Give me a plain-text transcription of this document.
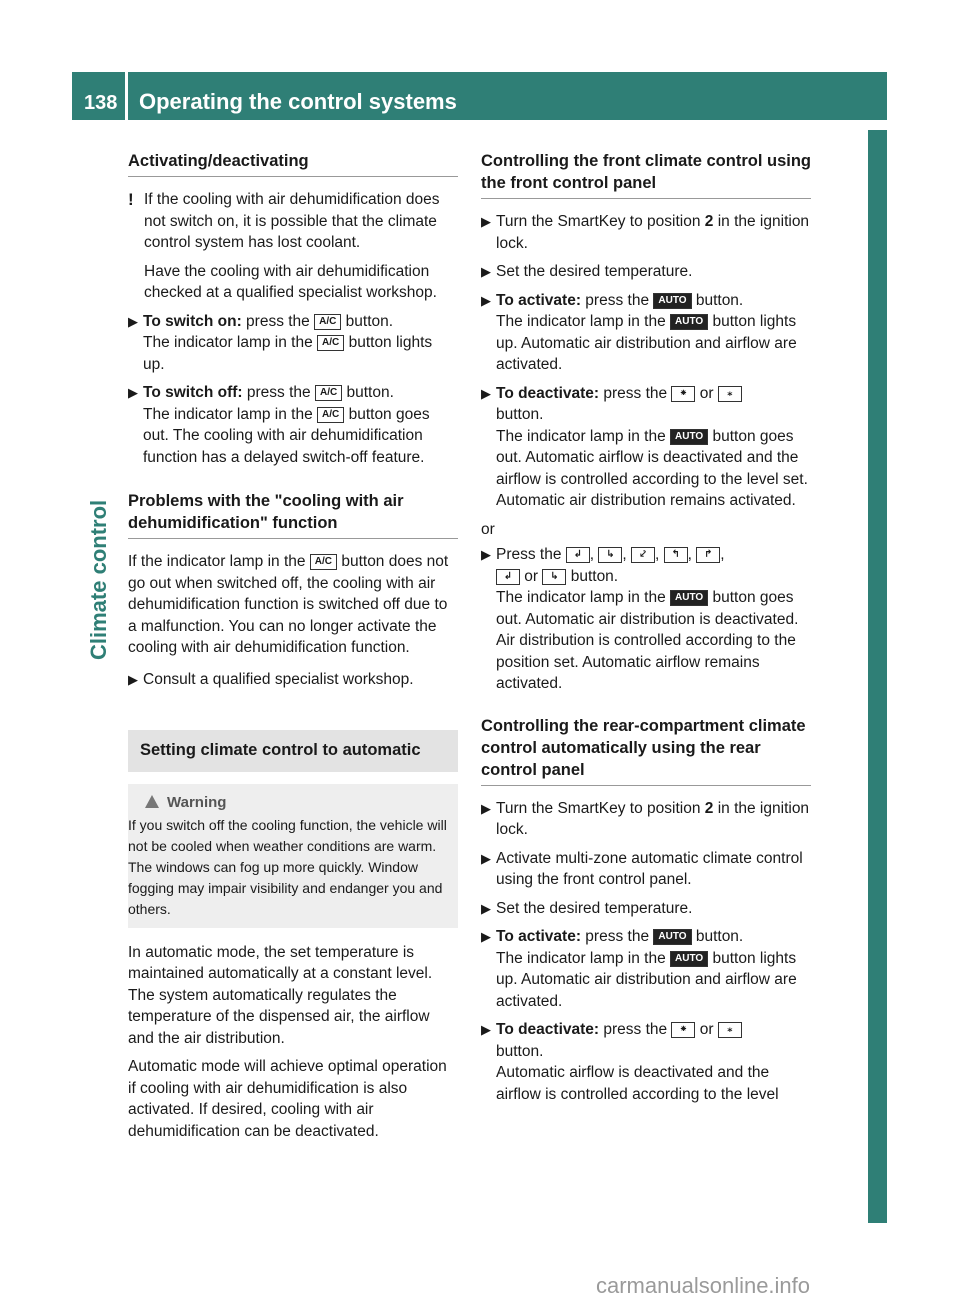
138 Operating the control systems
Climate control
Activating/deactivating
! If the cooling with air dehumidification does not switch on, it is possible that the climate control system has lost coolant.

Have the cooling with air dehumidification checked at a qualified specialist workshop.

▶ To switch on: press the A/C button.
The indicator lamp in the A/C button lights up.
▶ To switch off: press the A/C button.
The indicator lamp in the A/C button goes out. The cooling with air dehumidification function has a delayed switch-off feature.
Problems with the "cooling with air dehumidification" function

If the indicator lamp in the A/C button does not go out when switched off, the cooling with air dehumidification function is switched off due to a malfunction. You can no longer activate the cooling with air dehumidification function.

▶ Consult a qualified specialist workshop.
Setting climate control to automatic
Warning
If you switch off the cooling function, the vehicle will not be cooled when weather conditions are warm. The windows can fog up more quickly. Window fogging may impair visibility and endanger you and others.

In automatic mode, the set temperature is maintained automatically at a constant level. The system automatically regulates the temperature of the dispensed air, the airflow and the air distribution.

Automatic mode will achieve optimal operation if cooling with air dehumidification is also activated. If desired, cooling with air dehumidification can be deactivated.

Controlling the front climate control using the front control panel
▶ Turn the SmartKey to position 2 in the ignition lock.
▶ Set the desired temperature.
▶ To activate: press the AUTO button.
The indicator lamp in the AUTO button lights up. Automatic air distribution and airflow are activated.
▶ To deactivate: press the ⁕ or ⁎
button.
The indicator lamp in the AUTO button goes out. Automatic airflow is deactivated and the airflow is controlled according to the level set. Automatic air distribution remains activated.

or

▶ Press the ↲ , ↳ , ⤦ , ↰ , ↱ ,
↲ or ↳ button.
The indicator lamp in the AUTO button goes out. Automatic air distribution is deactivated. Air distribution is controlled according to the position set. Automatic airflow remains activated.
Controlling the rear-compartment climate control automatically using the rear control panel
▶ Turn the SmartKey to position 2 in the ignition lock.
▶ Activate multi-zone automatic climate control using the front control panel.
▶ Set the desired temperature.
▶ To activate: press the AUTO button.
The indicator lamp in the AUTO button lights up. Automatic air distribution and airflow are activated.
▶ To deactivate: press the ⁕ or ⁎
button.
Automatic airflow is deactivated and the airflow is controlled according to the level
carmanualsonline.info
